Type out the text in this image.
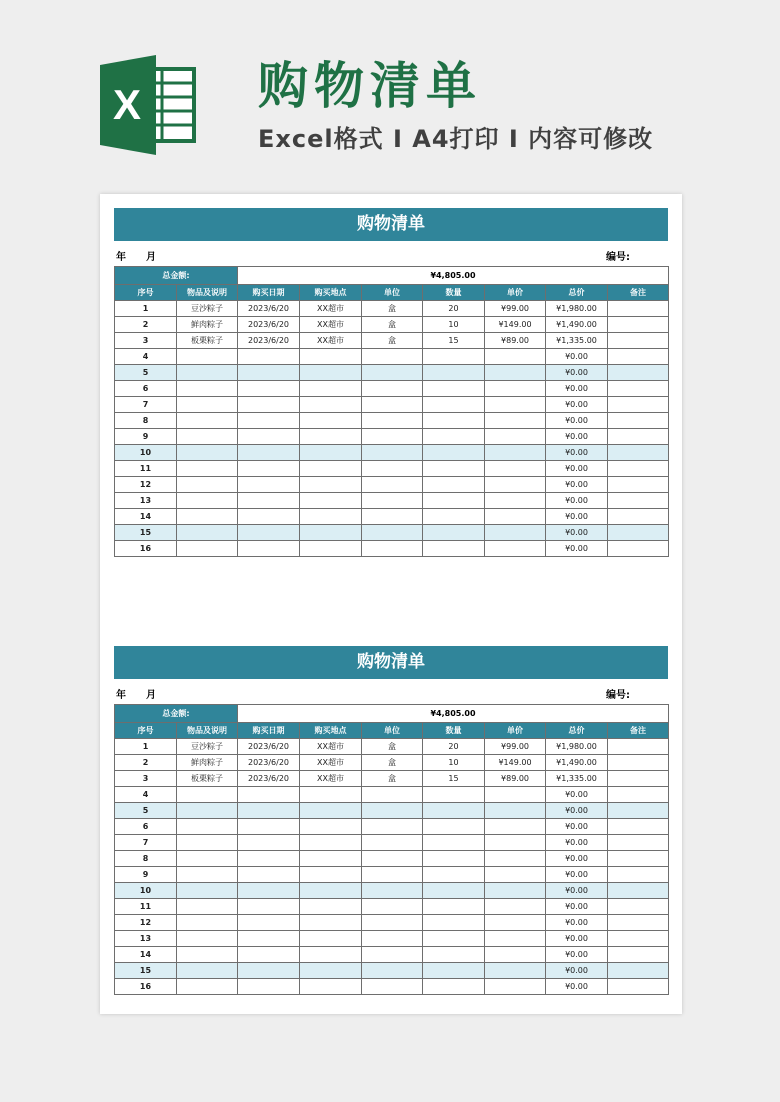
X 购物清单
Excel格式 I A4打印 I 内容可修改
购物清单
年 月	编号:
总金额:		¥4,805.00						
序号	物品及说明	购买日期	购买地点	单位	数量	单价	总价	备注
1	豆沙粽子	2023/6/20	XX超市	盒	20	¥99.00	¥1,980.00	
2	鲜肉粽子	2023/6/20	XX超市	盒	10	¥149.00	¥1,490.00	
3	板栗粽子	2023/6/20	XX超市	盒	15	¥89.00	¥1,335.00	
4							¥0.00	
5							¥0.00	
6							¥0.00	
7							¥0.00	
8							¥0.00	
9							¥0.00	
10							¥0.00	
11							¥0.00	
12							¥0.00	
13							¥0.00	
14							¥0.00	
15							¥0.00	
16							¥0.00	
购物清单
年 月	编号:
总金额:		¥4,805.00						
序号	物品及说明	购买日期	购买地点	单位	数量	单价	总价	备注
1	豆沙粽子	2023/6/20	XX超市	盒	20	¥99.00	¥1,980.00	
2	鲜肉粽子	2023/6/20	XX超市	盒	10	¥149.00	¥1,490.00	
3	板栗粽子	2023/6/20	XX超市	盒	15	¥89.00	¥1,335.00	
4							¥0.00	
5							¥0.00	
6							¥0.00	
7							¥0.00	
8							¥0.00	
9							¥0.00	
10							¥0.00	
11							¥0.00	
12							¥0.00	
13							¥0.00	
14							¥0.00	
15							¥0.00	
16							¥0.00	
